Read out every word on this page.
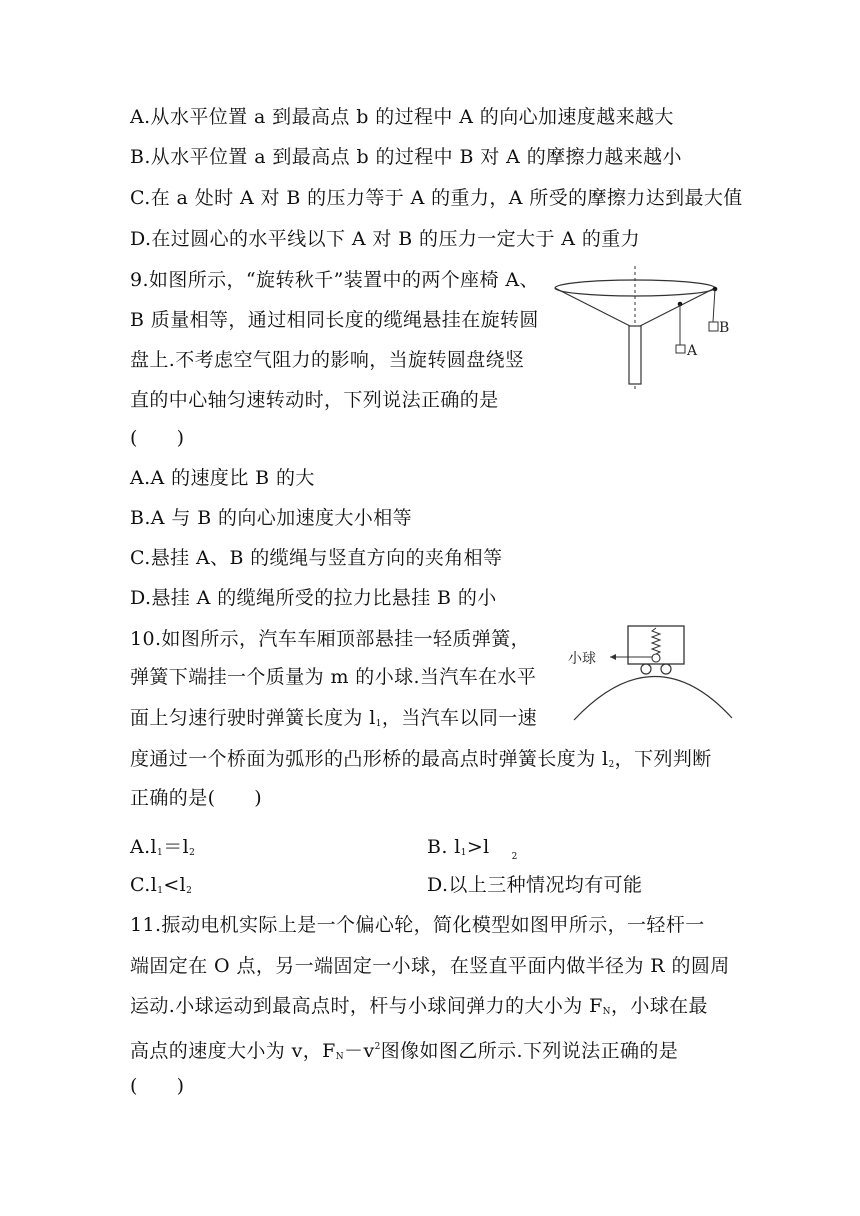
A.从水平位置 a 到最高点 b 的过程中 A 的向心加速度越来越大
B.从水平位置 a 到最高点 b 的过程中 B 对 A 的摩擦力越来越小
C.在 a 处时 A 对 B 的压力等于 A 的重力，A 所受的摩擦力达到最大值
D.在过圆心的水平线以下 A 对 B 的压力一定大于 A 的重力
9.如图所示，“旋转秋千”装置中的两个座椅 A、
B 质量相等，通过相同长度的缆绳悬挂在旋转圆
盘上.不考虑空气阻力的影响，当旋转圆盘绕竖
直的中心轴匀速转动时，下列说法正确的是
(　　)
A.A 的速度比 B 的大
B.A 与 B 的向心加速度大小相等
C.悬挂 A、B 的缆绳与竖直方向的夹角相等
D.悬挂 A 的缆绳所受的拉力比悬挂 B 的小
A
B
10.如图所示，汽车车厢顶部悬挂一轻质弹簧，
弹簧下端挂一个质量为 m 的小球.当汽车在水平
面上匀速行驶时弹簧长度为 $l_1$，当汽车以同一速
度通过一个桥面为弧形的凸形桥的最高点时弹簧长度为 $l_2$，下列判断
正确的是(　　)
$A.l_1=l_2$	B. $l_1>l$ $_2$
$C.l_1<l_2$	D.以上三种情况均有可能
小球
11.振动电机实际上是一个偏心轮，简化模型如图甲所示，一轻杆一
端固定在 O 点，另一端固定一小球，在竖直平面内做半径为 R 的圆周
运动.小球运动到最高点时，杆与小球间弹力的大小为 $F_N$，小球在最
高点的速度大小为 v，$F_N-v^2$图像如图乙所示.下列说法正确的是
(　　)
